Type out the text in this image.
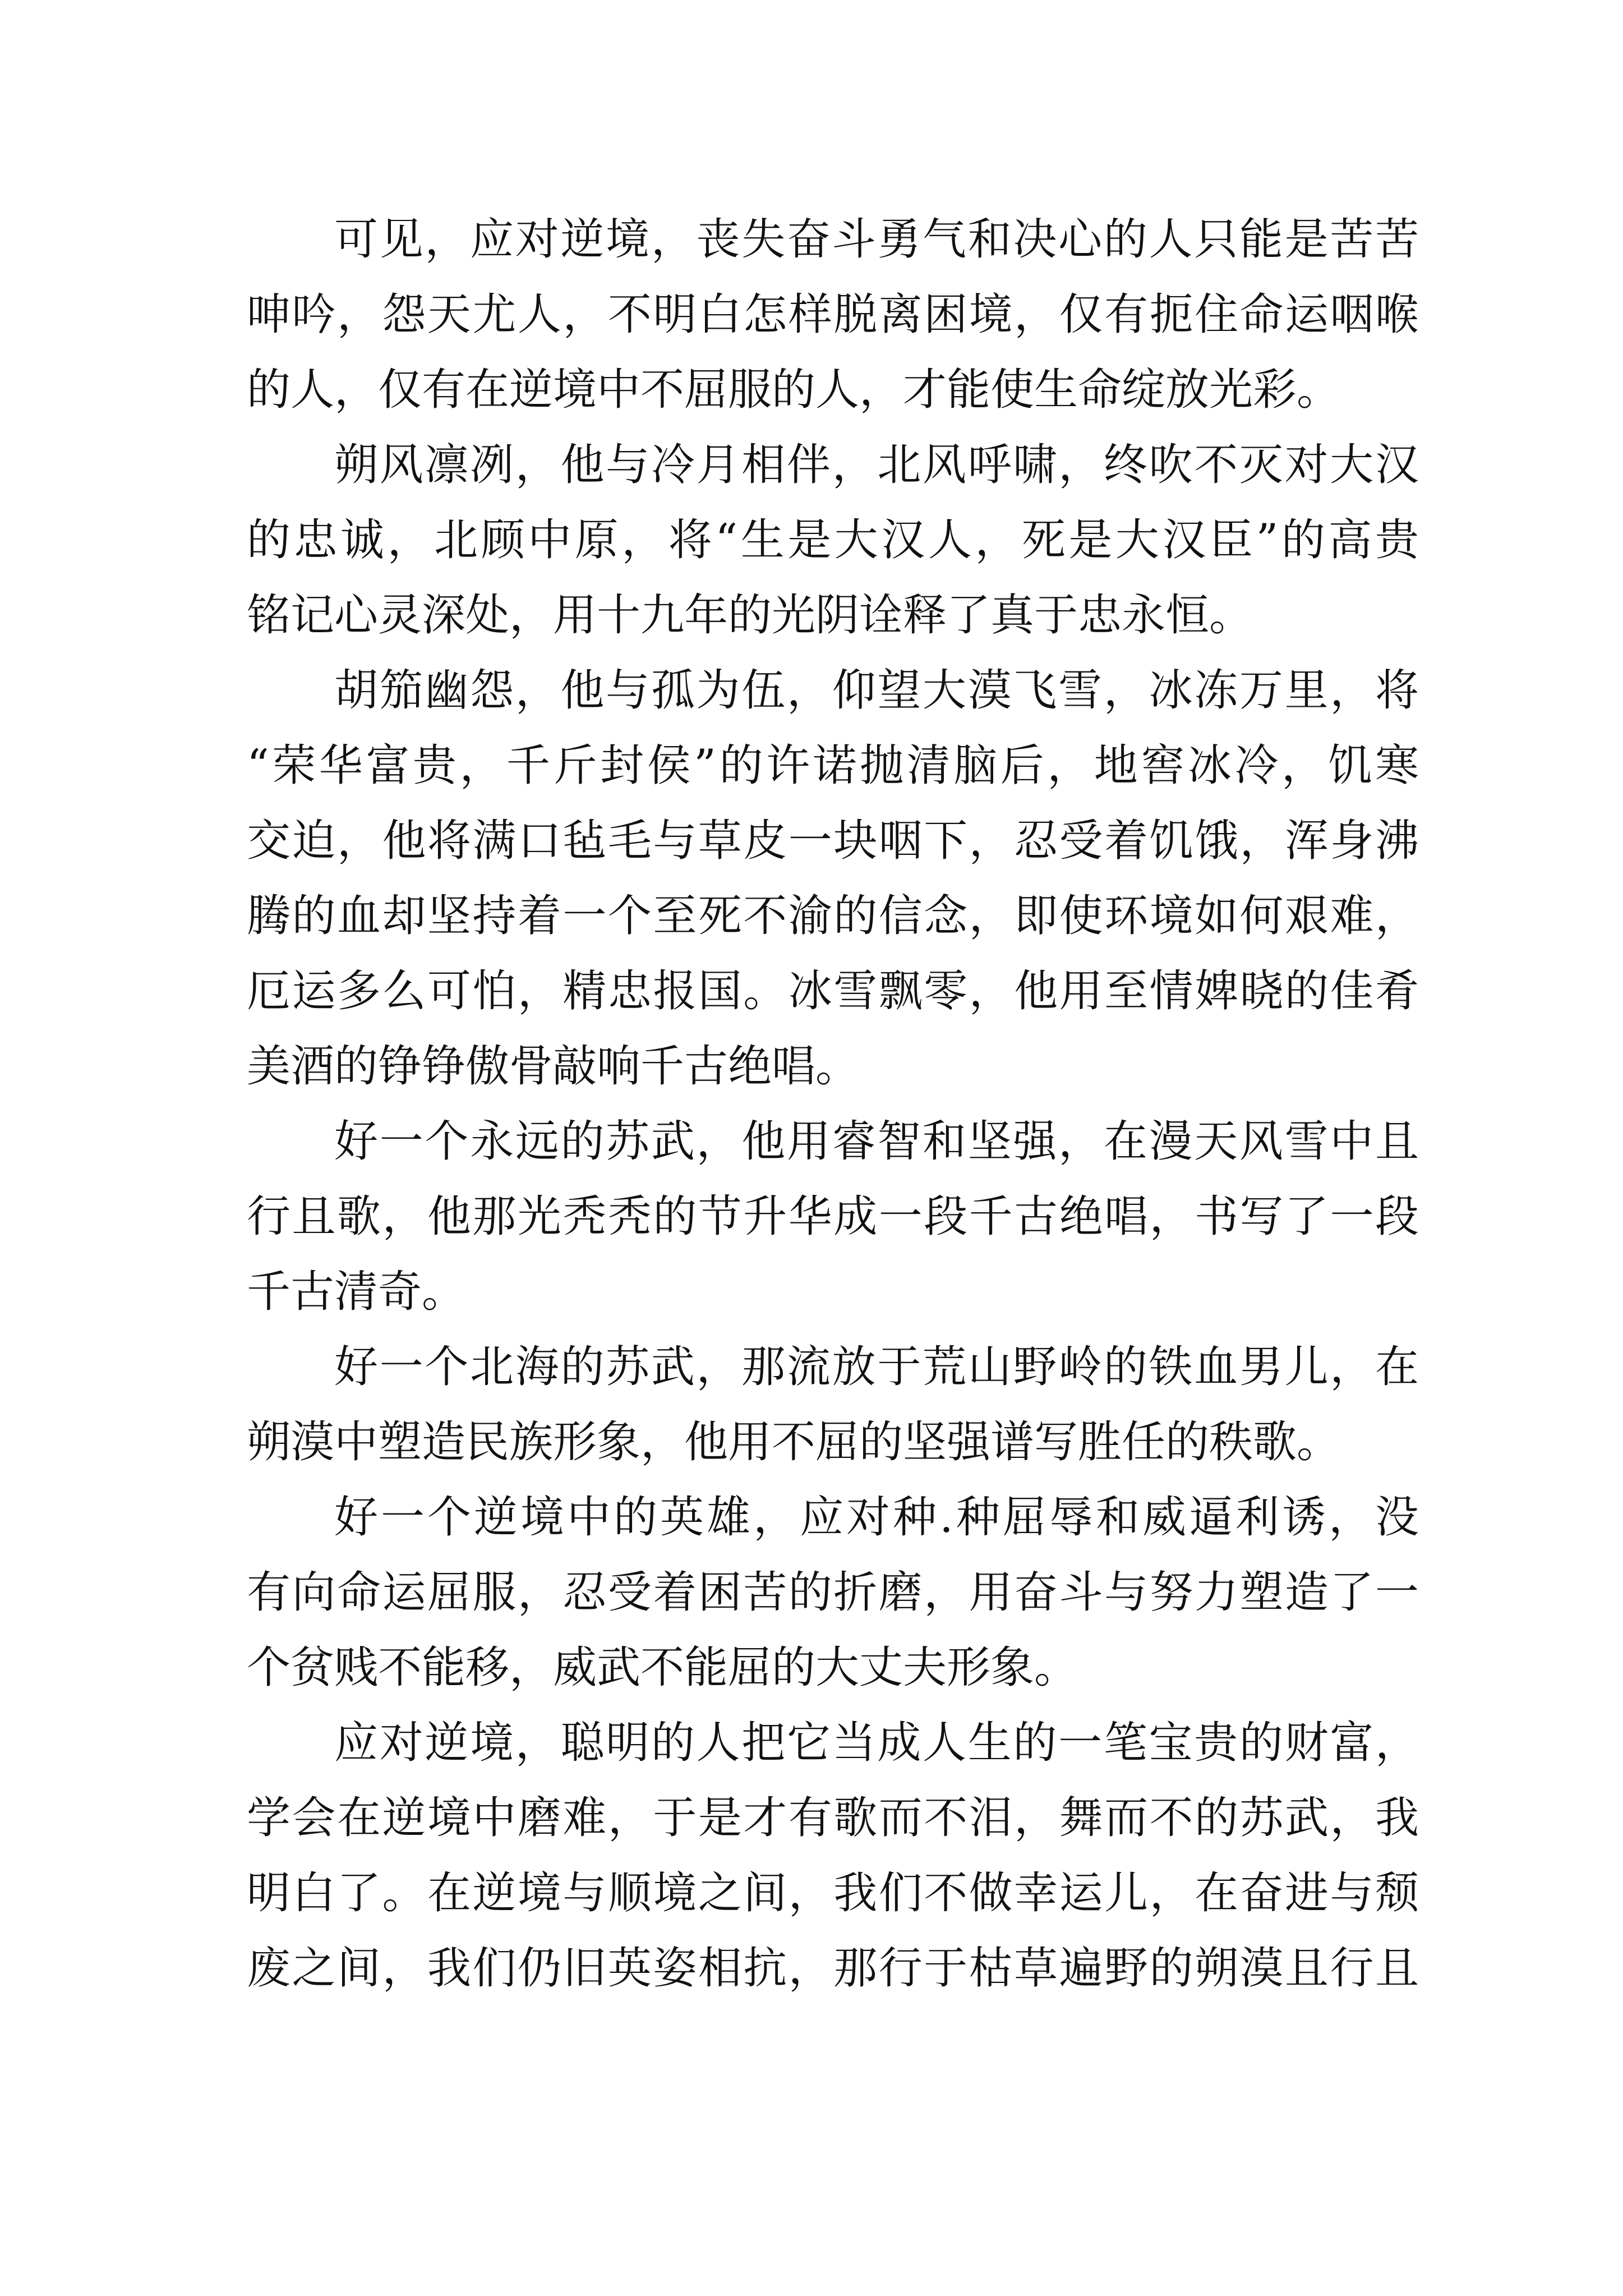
可见，应对逆境，丧失奋斗勇气和决心的人只能是苦苦
呻吟，怨天尤人，不明白怎样脱离困境，仅有扼住命运咽喉
的人，仅有在逆境中不屈服的人，才能使生命绽放光彩。
朔风凛冽，他与冷月相伴，北风呼啸，终吹不灭对大汉
的忠诚，北顾中原，将“生是大汉人，死是大汉臣”的高贵
铭记心灵深处，用十九年的光阴诠释了真于忠永恒。
胡笳幽怨，他与孤为伍，仰望大漠飞雪，冰冻万里，将
“荣华富贵，千斤封侯”的许诺抛清脑后，地窖冰冷，饥寒
交迫，他将满口毡毛与草皮一块咽下，忍受着饥饿，浑身沸
腾的血却坚持着一个至死不渝的信念，即使环境如何艰难，
厄运多么可怕，精忠报国。冰雪飘零，他用至情婢晓的佳肴
美酒的铮铮傲骨敲响千古绝唱。
好一个永远的苏武，他用睿智和坚强，在漫天风雪中且
行且歌，他那光秃秃的节升华成一段千古绝唱，书写了一段
千古清奇。
好一个北海的苏武，那流放于荒山野岭的铁血男儿，在
朔漠中塑造民族形象，他用不屈的坚强谱写胜任的秩歌。
好一个逆境中的英雄，应对种.种屈辱和威逼利诱，没
有向命运屈服，忍受着困苦的折磨，用奋斗与努力塑造了一
个贫贱不能移，威武不能屈的大丈夫形象。
应对逆境，聪明的人把它当成人生的一笔宝贵的财富，
学会在逆境中磨难，于是才有歌而不泪，舞而不的苏武，我
明白了。在逆境与顺境之间，我们不做幸运儿，在奋进与颓
废之间，我们仍旧英姿相抗，那行于枯草遍野的朔漠且行且
